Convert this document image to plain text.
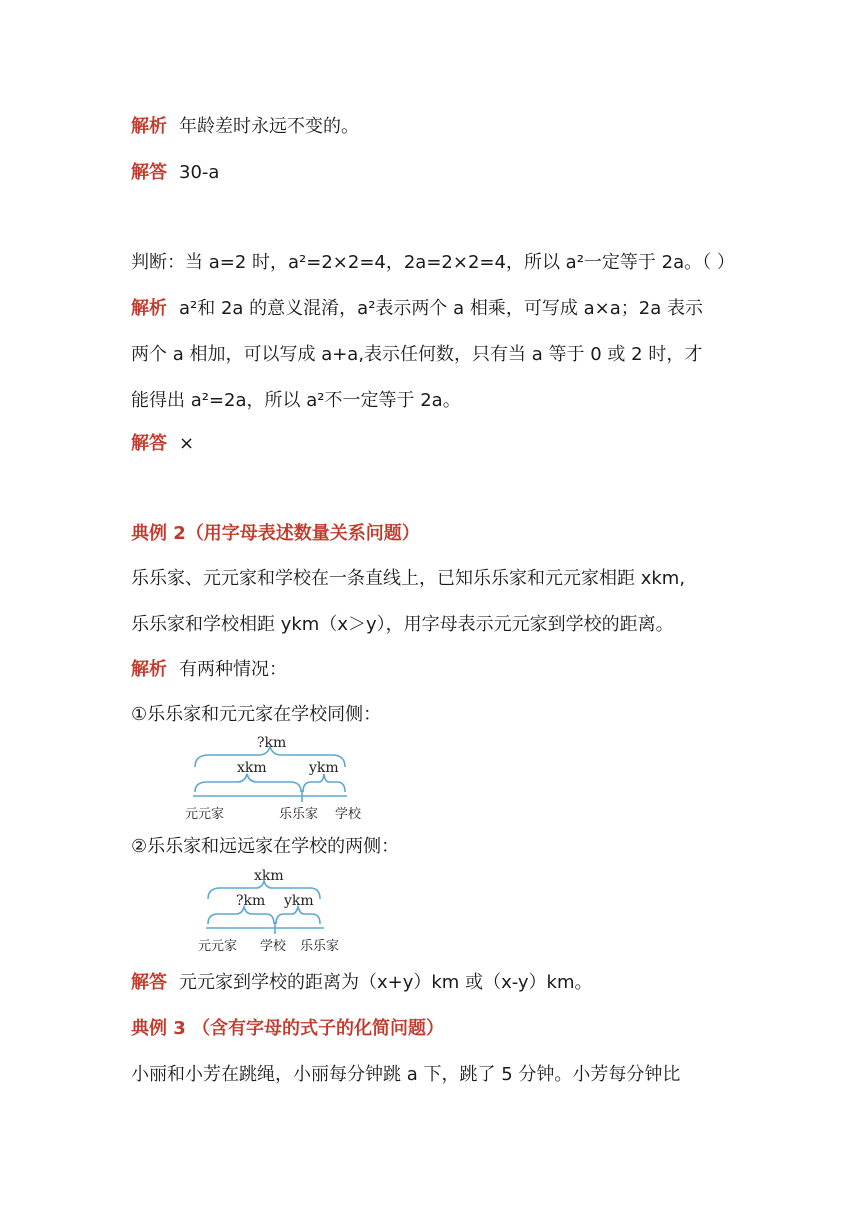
解析 年龄差时永远不变的。
解答 30-a
判断：当 a=2 时，a²=2×2=4，2a=2×2=4，所以 a²一定等于 2a。（ ）
解析 a²和 2a 的意义混淆，a²表示两个 a 相乘，可写成 a×a；2a 表示
两个 a 相加，可以写成 a+a,表示任何数，只有当 a 等于 0 或 2 时，才
能得出 a²=2a，所以 a²不一定等于 2a。
解答 ×
典例 2（用字母表述数量关系问题）
乐乐家、元元家和学校在一条直线上，已知乐乐家和元元家相距 xkm,
乐乐家和学校相距 ykm（x＞y），用字母表示元元家到学校的距离。
解析 有两种情况：
①乐乐家和元元家在学校同侧：
?km
xkm	ykm
元元家	乐乐家 学校
②乐乐家和远远家在学校的两侧：
xkm
?km ykm
元元家 学校 乐乐家
解答 元元家到学校的距离为（x+y）km 或（x-y）km。
典例 3 （含有字母的式子的化简问题）
小丽和小芳在跳绳，小丽每分钟跳 a 下，跳了 5 分钟。小芳每分钟比
